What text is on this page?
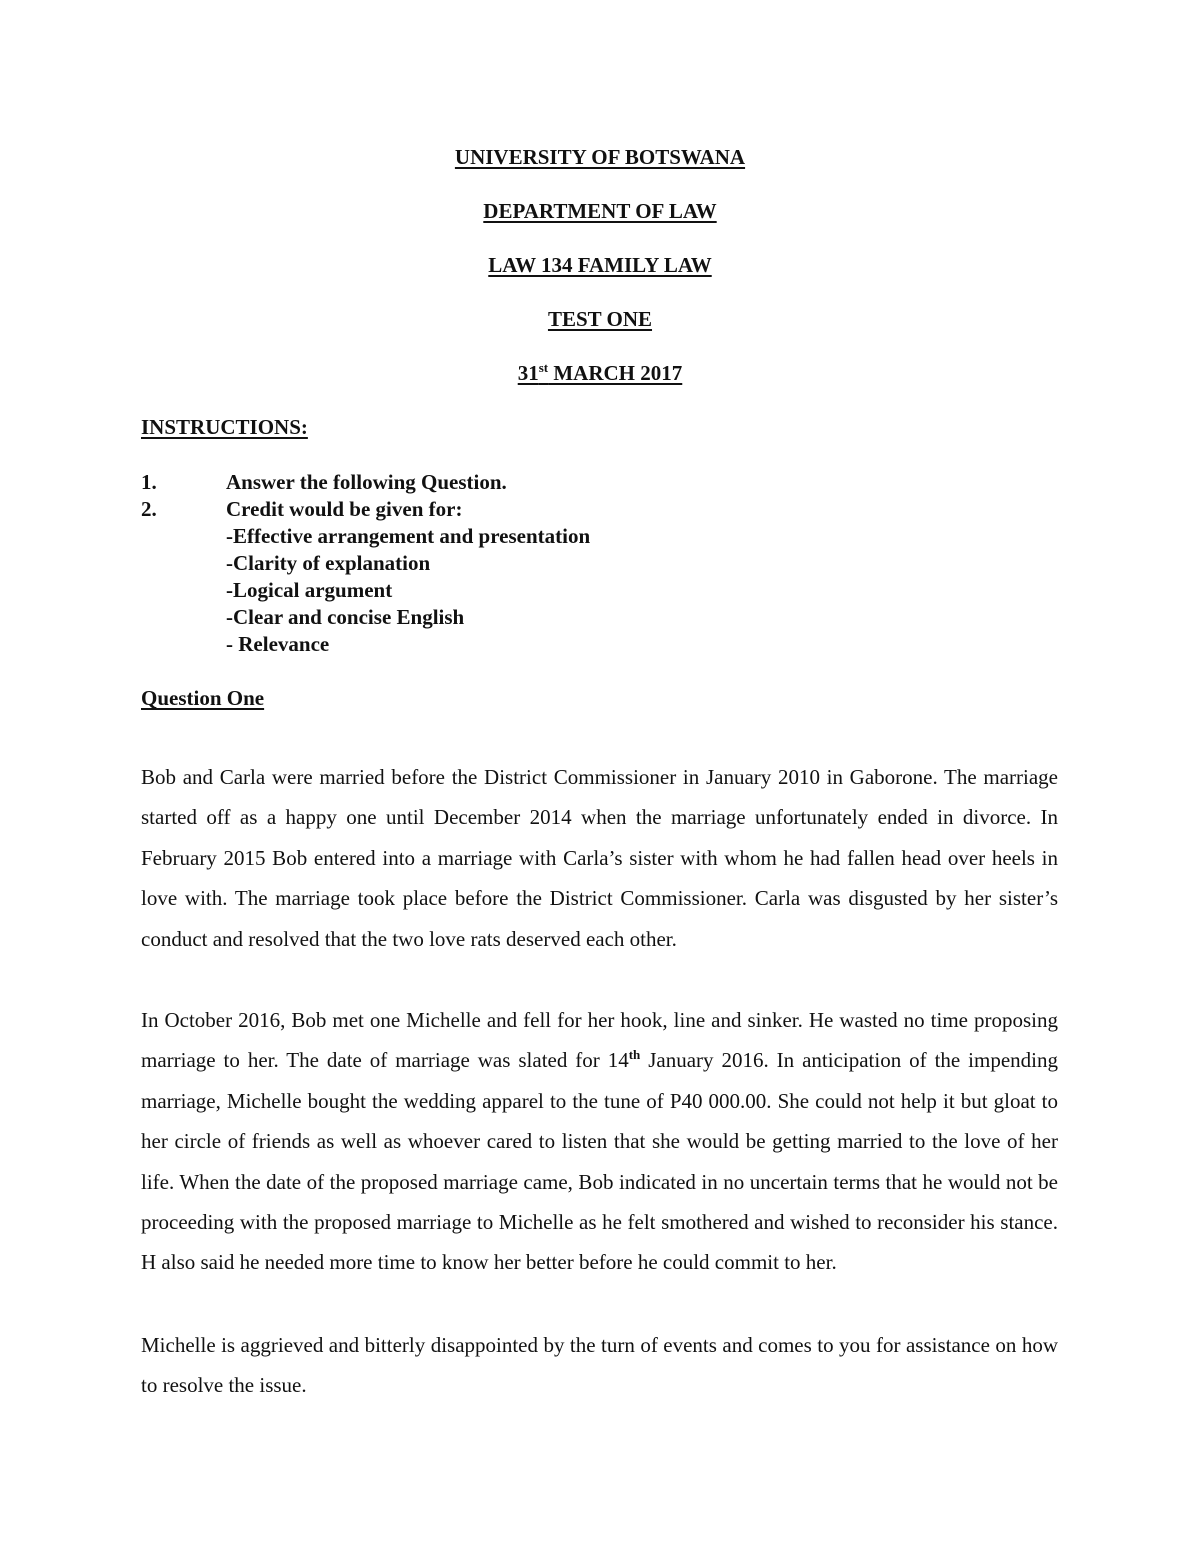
UNIVERSITY OF BOTSWANA
DEPARTMENT OF LAW
LAW 134 FAMILY LAW
TEST ONE
31st MARCH 2017
INSTRUCTIONS:
1.	Answer the following Question.
2.	Credit would be given for:
-Effective arrangement and presentation
-Clarity of explanation
-Logical argument
-Clear and concise English
- Relevance
Question One

Bob and Carla were married before the District Commissioner in January 2010 in Gaborone. The marriage started off as a happy one until December 2014 when the marriage unfortunately ended in divorce. In February 2015 Bob entered into a marriage with Carla’s sister with whom he had fallen head over heels in love with. The marriage took place before the District Commissioner. Carla was disgusted by her sister’s conduct and resolved that the two love rats deserved each other.

In October 2016, Bob met one Michelle and fell for her hook, line and sinker. He wasted no time proposing marriage to her. The date of marriage was slated for 14th January 2016. In anticipation of the impending marriage, Michelle bought the wedding apparel to the tune of P40 000.00. She could not help it but gloat to her circle of friends as well as whoever cared to listen that she would be getting married to the love of her life. When the date of the proposed marriage came, Bob indicated in no uncertain terms that he would not be proceeding with the proposed marriage to Michelle as he felt smothered and wished to reconsider his stance. H also said he needed more time to know her better before he could commit to her.

Michelle is aggrieved and bitterly disappointed by the turn of events and comes to you for assistance on how to resolve the issue.
